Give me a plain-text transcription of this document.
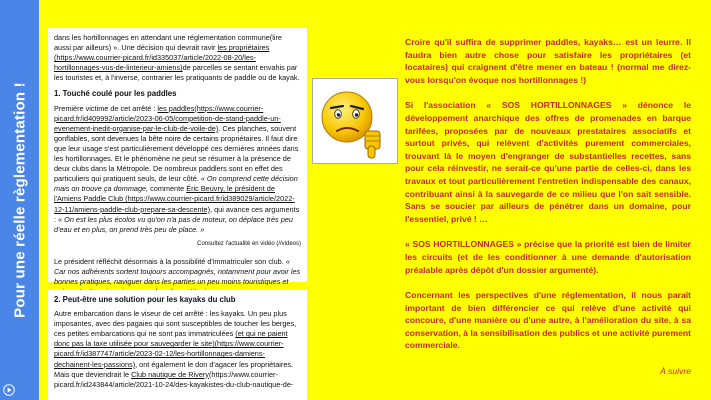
Pour une réelle règlementation !

dans les hortillonnages en attendant une réglementation commune(lire aussi par ailleurs) ». Une décision qui devrait ravir les propriétaires (https://www.courrier-picard.fr/id335037/article/2022-08-20/les-hortillonnages-vus-de-linterieur-amiens)de parcelles se sentant envahis par les touristes et, à l'inverse, contrarier les pratiquants de paddle ou de kayak.

1. Touché coulé pour les paddles

Première victime de cet arrêté : les paddles(https://www.courrier-picard.fr/id409992/article/2023-06-05/competition-de-stand-paddle-un-evenement-inedit-organise-par-le-club-de-voile-de). Ces planches, souvent gonflables, sont devenues la bête noire de certains propriétaires. Il faut dire que leur usage s'est particulièrement développé ces dernières années dans les hortillonnages. Et le phénomène ne peut se résumer à la présence de deux clubs dans la Métropole. De nombreux paddlers sont en effet des particuliers qui pratiquent seuls, de leur côté. « On comprend cette décision mais on trouve ça dommage, commente Éric Beuvry, le président de l'Amiens Paddle Club (https://www.courrier-picard.fr/id389029/article/2022-12-11/amiens-paddle-club-prepare-sa-descente), qui avance ces arguments : « On est les plus écolos vu qu'on n'a pas de moteur, on déplace très peu d'eau et en plus, on prend très peu de place. »

Consultez l'actualité en vidéo (//videos)

Le président réfléchit désormais à la possibilité d'immatriculer son club. « Car nos adhérents sortent toujours accompagnés, notamment pour avoir les bonnes pratiques, naviguer dans les parties un peu moins touristiques et

2. Peut-être une solution pour les kayaks du club

Autre embarcation dans le viseur de cet arrêté : les kayaks. Un peu plus imposantes, avec des pagaies qui sont susceptibles de toucher les berges, ces petites embarcations qui ne sont pas immatriculées (et qui ne paient donc pas la taxe utilisée pour sauvegarder le site)(https://www.courrier-picard.fr/id387747/article/2023-02-12/les-hortillonnages-damiens-dechainent-les-passions), ont également le don d'agacer les propriétaires. Mais que deviendrait le Club nautique de Rivery(https://www.courrier-picard.fr/id243844/article/2021-10-24/des-kayakistes-du-club-nautique-de-

Croire qu'il suffira de supprimer paddles, kayaks… est un leurre. Il faudra bien autre chose pour satisfaire les propriétaires (et locataires) qui craignent d'être mener en bateau ! (normal me direz-vous lorsqu'on évoque nos hortillonnages !)

Si l'association « SOS HORTILLONNAGES » dénonce le développement anarchique des offres de promenades en barque tarifées, proposées par de nouveaux prestataires associatifs et surtout privés, qui relèvent d'activités purement commerciales, trouvant là le moyen d'engranger de substantielles recettes, sans pour cela réinvestir, ne serait-ce qu'une partie de celles-ci, dans les travaux et tout particulièrement l'entretien indispensable des canaux, contribuant ainsi à la sauvegarde de ce milieu que l'on sait sensible. Sans se soucier par ailleurs de pénétrer dans un domaine, pour l'essentiel, privé ! …

« SOS HORTILLONNAGES » précise que la priorité est bien de limiter les circuits (et de les conditionner à une demande d'autorisation préalable après dépôt d'un dossier argumenté).

Concernant les perspectives d'une réglementation, il nous paraît important de bien différencier ce qui relève d'une activité qui concoure, d'une manière ou d'une autre, à l'amélioration du site, à sa conservation, à la sensibilisation des publics et une activité purement commerciale.

À suivre
